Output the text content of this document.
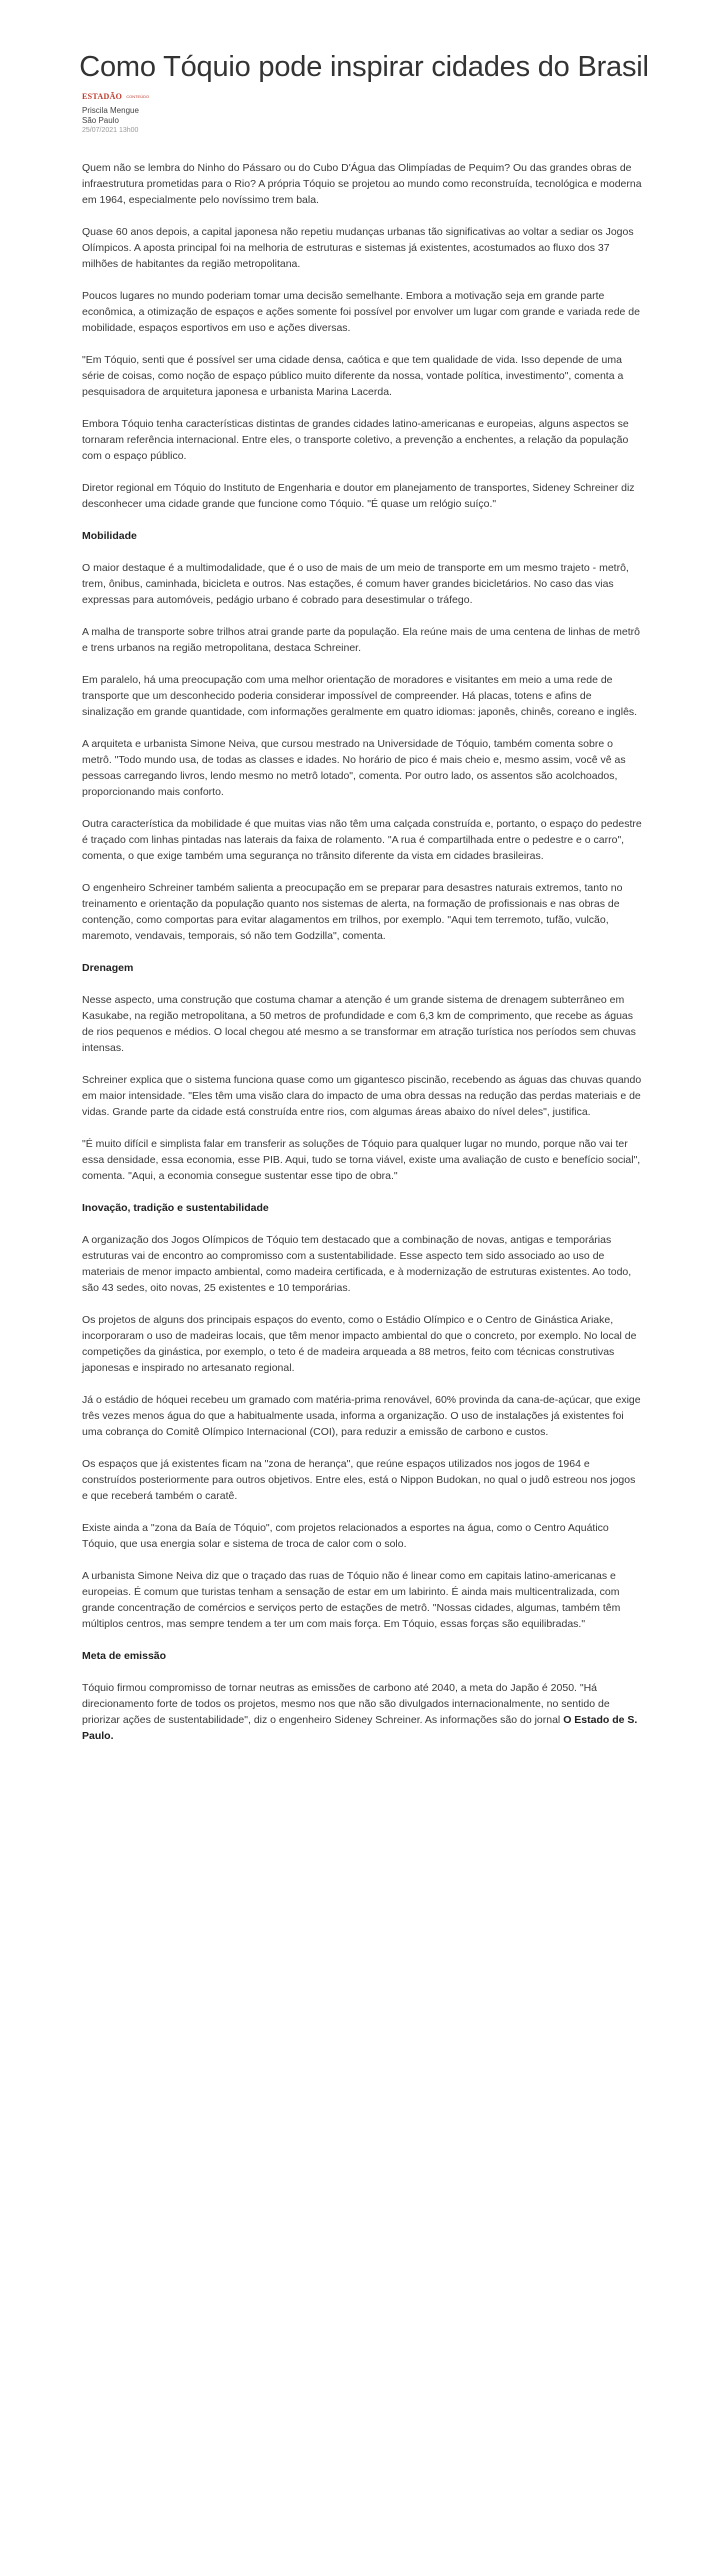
Como Tóquio pode inspirar cidades do Brasil
ESTADÃO CONTEÚDO
Priscila Mengue
São Paulo
25/07/2021 13h00

Quem não se lembra do Ninho do Pássaro ou do Cubo D'Água das Olimpíadas de Pequim? Ou das grandes obras de infraestrutura prometidas para o Rio? A própria Tóquio se projetou ao mundo como reconstruída, tecnológica e moderna em 1964, especialmente pelo novíssimo trem bala.

Quase 60 anos depois, a capital japonesa não repetiu mudanças urbanas tão significativas ao voltar a sediar os Jogos Olímpicos. A aposta principal foi na melhoria de estruturas e sistemas já existentes, acostumados ao fluxo dos 37 milhões de habitantes da região metropolitana.

Poucos lugares no mundo poderiam tomar uma decisão semelhante. Embora a motivação seja em grande parte econômica, a otimização de espaços e ações somente foi possível por envolver um lugar com grande e variada rede de mobilidade, espaços esportivos em uso e ações diversas.

"Em Tóquio, senti que é possível ser uma cidade densa, caótica e que tem qualidade de vida. Isso depende de uma série de coisas, como noção de espaço público muito diferente da nossa, vontade política, investimento", comenta a pesquisadora de arquitetura japonesa e urbanista Marina Lacerda.

Embora Tóquio tenha características distintas de grandes cidades latino-americanas e europeias, alguns aspectos se tornaram referência internacional. Entre eles, o transporte coletivo, a prevenção a enchentes, a relação da população com o espaço público.

Diretor regional em Tóquio do Instituto de Engenharia e doutor em planejamento de transportes, Sideney Schreiner diz desconhecer uma cidade grande que funcione como Tóquio. "É quase um relógio suíço."

Mobilidade

O maior destaque é a multimodalidade, que é o uso de mais de um meio de transporte em um mesmo trajeto - metrô, trem, ônibus, caminhada, bicicleta e outros. Nas estações, é comum haver grandes bicicletários. No caso das vias expressas para automóveis, pedágio urbano é cobrado para desestimular o tráfego.

A malha de transporte sobre trilhos atrai grande parte da população. Ela reúne mais de uma centena de linhas de metrô e trens urbanos na região metropolitana, destaca Schreiner.

Em paralelo, há uma preocupação com uma melhor orientação de moradores e visitantes em meio a uma rede de transporte que um desconhecido poderia considerar impossível de compreender. Há placas, totens e afins de sinalização em grande quantidade, com informações geralmente em quatro idiomas: japonês, chinês, coreano e inglês.

A arquiteta e urbanista Simone Neiva, que cursou mestrado na Universidade de Tóquio, também comenta sobre o metrô. "Todo mundo usa, de todas as classes e idades. No horário de pico é mais cheio e, mesmo assim, você vê as pessoas carregando livros, lendo mesmo no metrô lotado", comenta. Por outro lado, os assentos são acolchoados, proporcionando mais conforto.

Outra característica da mobilidade é que muitas vias não têm uma calçada construída e, portanto, o espaço do pedestre é traçado com linhas pintadas nas laterais da faixa de rolamento. "A rua é compartilhada entre o pedestre e o carro", comenta, o que exige também uma segurança no trânsito diferente da vista em cidades brasileiras.

O engenheiro Schreiner também salienta a preocupação em se preparar para desastres naturais extremos, tanto no treinamento e orientação da população quanto nos sistemas de alerta, na formação de profissionais e nas obras de contenção, como comportas para evitar alagamentos em trilhos, por exemplo. "Aqui tem terremoto, tufão, vulcão, maremoto, vendavais, temporais, só não tem Godzilla", comenta.

Drenagem

Nesse aspecto, uma construção que costuma chamar a atenção é um grande sistema de drenagem subterrâneo em Kasukabe, na região metropolitana, a 50 metros de profundidade e com 6,3 km de comprimento, que recebe as águas de rios pequenos e médios. O local chegou até mesmo a se transformar em atração turística nos períodos sem chuvas intensas.

Schreiner explica que o sistema funciona quase como um gigantesco piscinão, recebendo as águas das chuvas quando em maior intensidade. "Eles têm uma visão clara do impacto de uma obra dessas na redução das perdas materiais e de vidas. Grande parte da cidade está construída entre rios, com algumas áreas abaixo do nível deles", justifica.

"É muito difícil e simplista falar em transferir as soluções de Tóquio para qualquer lugar no mundo, porque não vai ter essa densidade, essa economia, esse PIB. Aqui, tudo se torna viável, existe uma avaliação de custo e benefício social", comenta. "Aqui, a economia consegue sustentar esse tipo de obra."

Inovação, tradição e sustentabilidade

A organização dos Jogos Olímpicos de Tóquio tem destacado que a combinação de novas, antigas e temporárias estruturas vai de encontro ao compromisso com a sustentabilidade. Esse aspecto tem sido associado ao uso de materiais de menor impacto ambiental, como madeira certificada, e à modernização de estruturas existentes. Ao todo, são 43 sedes, oito novas, 25 existentes e 10 temporárias.

Os projetos de alguns dos principais espaços do evento, como o Estádio Olímpico e o Centro de Ginástica Ariake, incorporaram o uso de madeiras locais, que têm menor impacto ambiental do que o concreto, por exemplo. No local de competições da ginástica, por exemplo, o teto é de madeira arqueada a 88 metros, feito com técnicas construtivas japonesas e inspirado no artesanato regional.

Já o estádio de hóquei recebeu um gramado com matéria-prima renovável, 60% provinda da cana-de-açúcar, que exige três vezes menos água do que a habitualmente usada, informa a organização. O uso de instalações já existentes foi uma cobrança do Comitê Olímpico Internacional (COI), para reduzir a emissão de carbono e custos.

Os espaços que já existentes ficam na "zona de herança", que reúne espaços utilizados nos jogos de 1964 e construídos posteriormente para outros objetivos. Entre eles, está o Nippon Budokan, no qual o judô estreou nos jogos e que receberá também o caratê.

Existe ainda a "zona da Baía de Tóquio", com projetos relacionados a esportes na água, como o Centro Aquático Tóquio, que usa energia solar e sistema de troca de calor com o solo.

A urbanista Simone Neiva diz que o traçado das ruas de Tóquio não é linear como em capitais latino-americanas e europeias. É comum que turistas tenham a sensação de estar em um labirinto. É ainda mais multicentralizada, com grande concentração de comércios e serviços perto de estações de metrô. "Nossas cidades, algumas, também têm múltiplos centros, mas sempre tendem a ter um com mais força. Em Tóquio, essas forças são equilibradas."

Meta de emissão

Tóquio firmou compromisso de tornar neutras as emissões de carbono até 2040, a meta do Japão é 2050. "Há direcionamento forte de todos os projetos, mesmo nos que não são divulgados internacionalmente, no sentido de priorizar ações de sustentabilidade", diz o engenheiro Sideney Schreiner. As informações são do jornal O Estado de S. Paulo.
